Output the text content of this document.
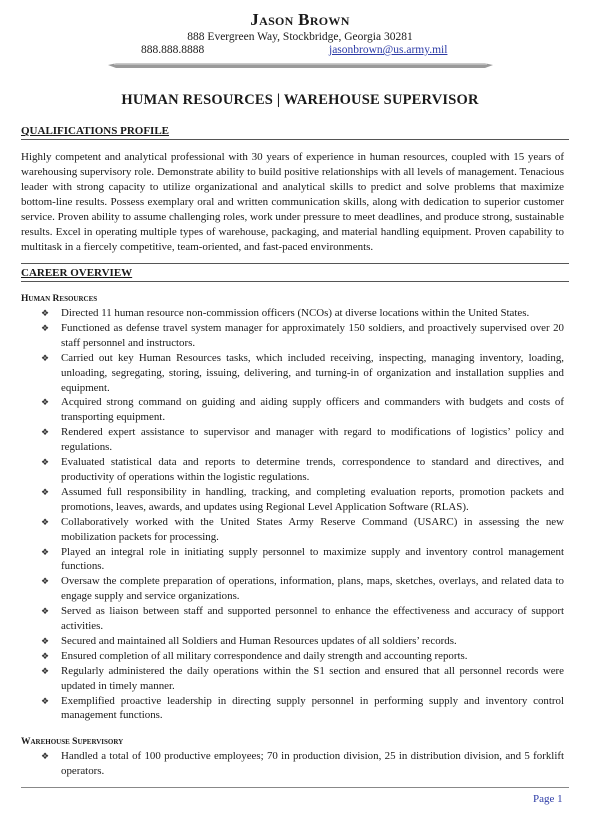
Jason Brown
888 Evergreen Way, Stockbridge, Georgia 30281
888.888.8888	jasonbrown@us.army.mil
HUMAN RESOURCES | WAREHOUSE SUPERVISOR
QUALIFICATIONS PROFILE
Highly competent and analytical professional with 30 years of experience in human resources, coupled with 15 years of warehousing supervisory role. Demonstrate ability to build positive relationships with all levels of management. Tenacious leader with strong capacity to utilize organizational and analytical skills to predict and solve problems that maximize bottom-line results. Possess exemplary oral and written communication skills, along with dedication to superior customer service. Proven ability to assume challenging roles, work under pressure to meet deadlines, and produce strong, sustainable results. Excel in operating multiple types of warehouse, packaging, and material handling equipment. Proven capability to multitask in a fiercely competitive, team-oriented, and fast-paced environments.
CAREER OVERVIEW
Human Resources
❖ Directed 11 human resource non-commission officers (NCOs) at diverse locations within the United States.
❖ Functioned as defense travel system manager for approximately 150 soldiers, and proactively supervised over 20 staff personnel and instructors.
❖ Carried out key Human Resources tasks, which included receiving, inspecting, managing inventory, loading, unloading, segregating, storing, issuing, delivering, and turning-in of organization and installation supplies and equipment.
❖ Acquired strong command on guiding and aiding supply officers and commanders with budgets and costs of transporting equipment.
❖ Rendered expert assistance to supervisor and manager with regard to modifications of logistics’ policy and regulations.
❖ Evaluated statistical data and reports to determine trends, correspondence to standard and directives, and productivity of operations within the logistic regulations.
❖ Assumed full responsibility in handling, tracking, and completing evaluation reports, promotion packets and promotions, leaves, awards, and updates using Regional Level Application Software (RLAS).
❖ Collaboratively worked with the United States Army Reserve Command (USARC) in assessing the new mobilization packets for processing.
❖ Played an integral role in initiating supply personnel to maximize supply and inventory control management functions.
❖ Oversaw the complete preparation of operations, information, plans, maps, sketches, overlays, and related data to engage supply and service organizations.
❖ Served as liaison between staff and supported personnel to enhance the effectiveness and accuracy of support activities.
❖ Secured and maintained all Soldiers and Human Resources updates of all soldiers’ records.
❖ Ensured completion of all military correspondence and daily strength and accounting reports.
❖ Regularly administered the daily operations within the S1 section and ensured that all personnel records were updated in timely manner.
❖ Exemplified proactive leadership in directing supply personnel in performing supply and inventory control management functions.
Warehouse Supervisory
❖ Handled a total of 100 productive employees; 70 in production division, 25 in distribution division, and 5 forklift operators.
Page 1
